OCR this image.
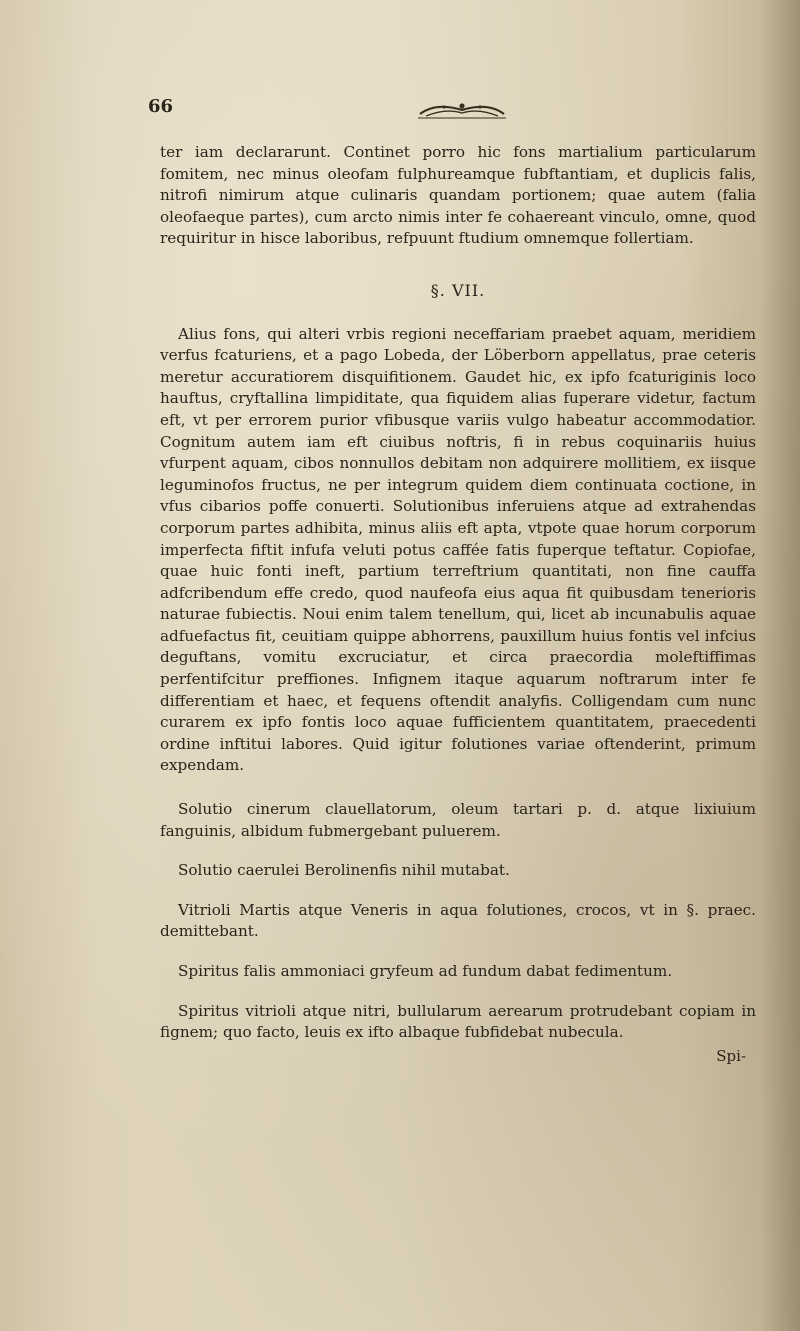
66

ter iam declararunt. Continet porro hic fons martialium particularum fomitem, nec minus oleofam fulphureamque fubftantiam, et duplicis falis, nitrofi nimirum atque culinaris quandam portionem; quae autem (falia oleofaeque partes), cum arcto nimis inter fe cohaereant vinculo, omne, quod requiritur in hisce laboribus, refpuunt ftudium omnemque follertiam.

§. VII.

Alius fons, qui alteri vrbis regioni neceffariam praebet aquam, meridiem verfus fcaturiens, et a pago Lobeda, der Löberborn appellatus, prae ceteris meretur accuratiorem disquifitionem. Gaudet hic, ex ipfo fcaturiginis loco hauftus, cryftallina limpiditate, qua fiquidem alias fuperare videtur, factum eft, vt per errorem purior vfibusque variis vulgo habeatur accommodatior. Cognitum autem iam eft ciuibus noftris, fi in rebus coquinariis huius vfurpent aquam, cibos nonnullos debitam non adquirere mollitiem, ex iisque leguminofos fructus, ne per integrum quidem diem continuata coctione, in vfus cibarios poffe conuerti. Solutionibus inferuiens atque ad extrahendas corporum partes adhibita, minus aliis eft apta, vtpote quae horum corporum imperfecta fiftit infufa veluti potus caffée fatis fuperque teftatur. Copiofae, quae huic fonti ineft, partium terreftrium quantitati, non fine cauffa adfcribendum effe credo, quod naufeofa eius aqua fit quibusdam tenerioris naturae fubiectis. Noui enim talem tenellum, qui, licet ab incunabulis aquae adfuefactus fit, ceuitiam quippe abhorrens, pauxillum huius fontis vel infcius deguftans, vomitu excruciatur, et circa praecordia moleftiffimas perfentifcitur preffiones. Infignem itaque aquarum noftrarum inter fe differentiam et haec, et fequens oftendit analyfis. Colligendam cum nunc curarem ex ipfo fontis loco aquae fufficientem quantitatem, praecedenti ordine inftitui labores. Quid igitur folutiones variae oftenderint, primum expendam.

Solutio cinerum clauellatorum, oleum tartari p. d. atque lixiuium fanguinis, albidum fubmergebant puluerem.

Solutio caerulei Berolinenfis nihil mutabat.

Vitrioli Martis atque Veneris in aqua folutiones, crocos, vt in §. praec. demittebant.

Spiritus falis ammoniaci gryfeum ad fundum dabat fedimentum.

Spiritus vitrioli atque nitri, bullularum aerearum protrudebant copiam in fignem; quo facto, leuis ex ifto albaque fubfidebat nubecula.

Spi-
